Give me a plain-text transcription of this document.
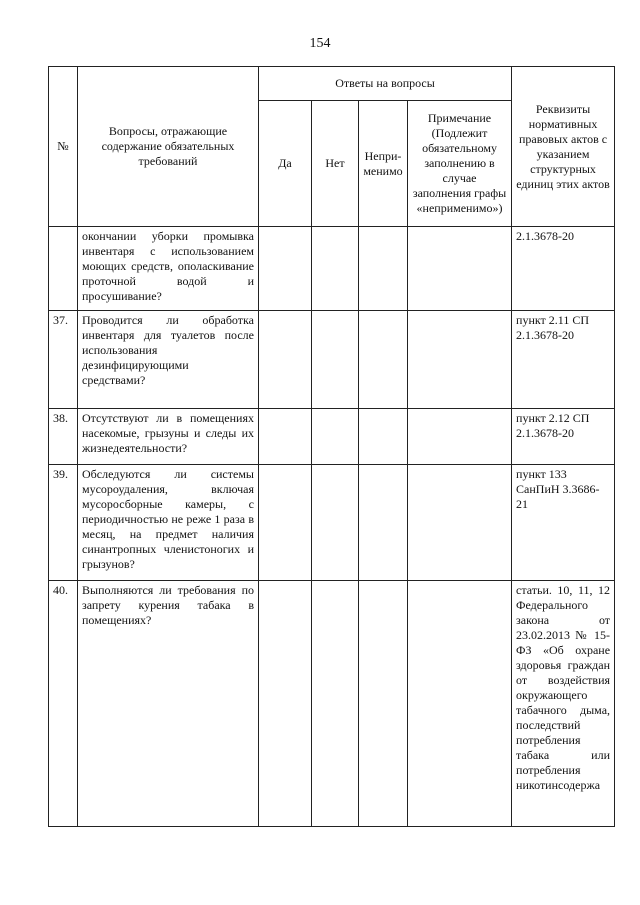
154
№	Вопросы, отражающие содержание обязательных требований	Ответы на вопросы				Реквизиты нормативных правовых актов с указанием структурных единиц этих актов
		Да	Нет	Непри-менимо	Примечание (Подлежит обязательному заполнению в случае заполнения графы «неприменимо»)	
	окончании уборки промывка инвентаря с использованием моющих средств, ополаскивание проточной водой и просушивание?					2.1.3678-20
37.	Проводится ли обработка инвентаря для туалетов после использования дезинфицирующими средствами?					пункт 2.11 СП 2.1.3678-20
38.	Отсутствуют ли в помещениях насекомые, грызуны и следы их жизнедеятельности?					пункт 2.12 СП 2.1.3678-20
39.	Обследуются ли системы мусороудаления, включая мусоросборные камеры, с периодичностью не реже 1 раза в месяц, на предмет наличия синантропных членистоногих и грызунов?					пункт 133 СанПиН 3.3686-21
40.	Выполняются ли требования по запрету курения табака в помещениях?					статьи. 10, 11, 12 Федерального закона от 23.02.2013 № 15-ФЗ «Об охране здоровья граждан от воздействия окружающего табачного дыма, последствий потребления табака или потребления никотинсодержа
